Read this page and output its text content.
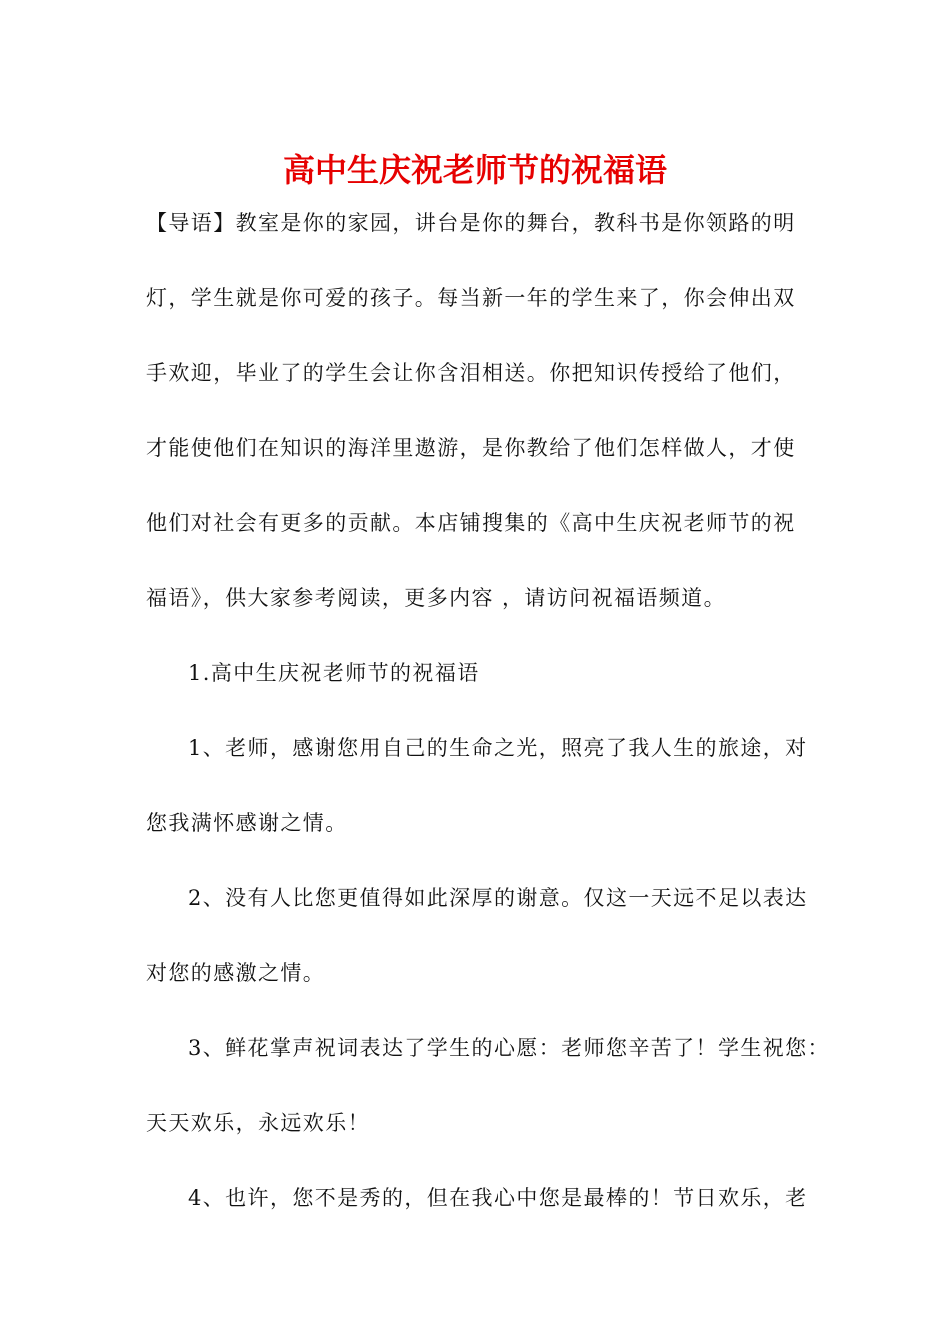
高中生庆祝老师节的祝福语

【导语】教室是你的家园，讲台是你的舞台，教科书是你领路的明

灯，学生就是你可爱的孩子。每当新一年的学生来了，你会伸出双

手欢迎，毕业了的学生会让你含泪相送。你把知识传授给了他们，

才能使他们在知识的海洋里遨游，是你教给了他们怎样做人，才使

他们对社会有更多的贡献。本店铺搜集的《高中生庆祝老师节的祝

福语》，供大家参考阅读，更多内容 ，请访问祝福语频道。

1.高中生庆祝老师节的祝福语

1、老师，感谢您用自己的生命之光，照亮了我人生的旅途，对

您我满怀感谢之情。

2、没有人比您更值得如此深厚的谢意。仅这一天远不足以表达

对您的感激之情。

3、鲜花掌声祝词表达了学生的心愿：老师您辛苦了！学生祝您：

天天欢乐，永远欢乐！

4、也许，您不是秀的，但在我心中您是最棒的！节日欢乐，老
